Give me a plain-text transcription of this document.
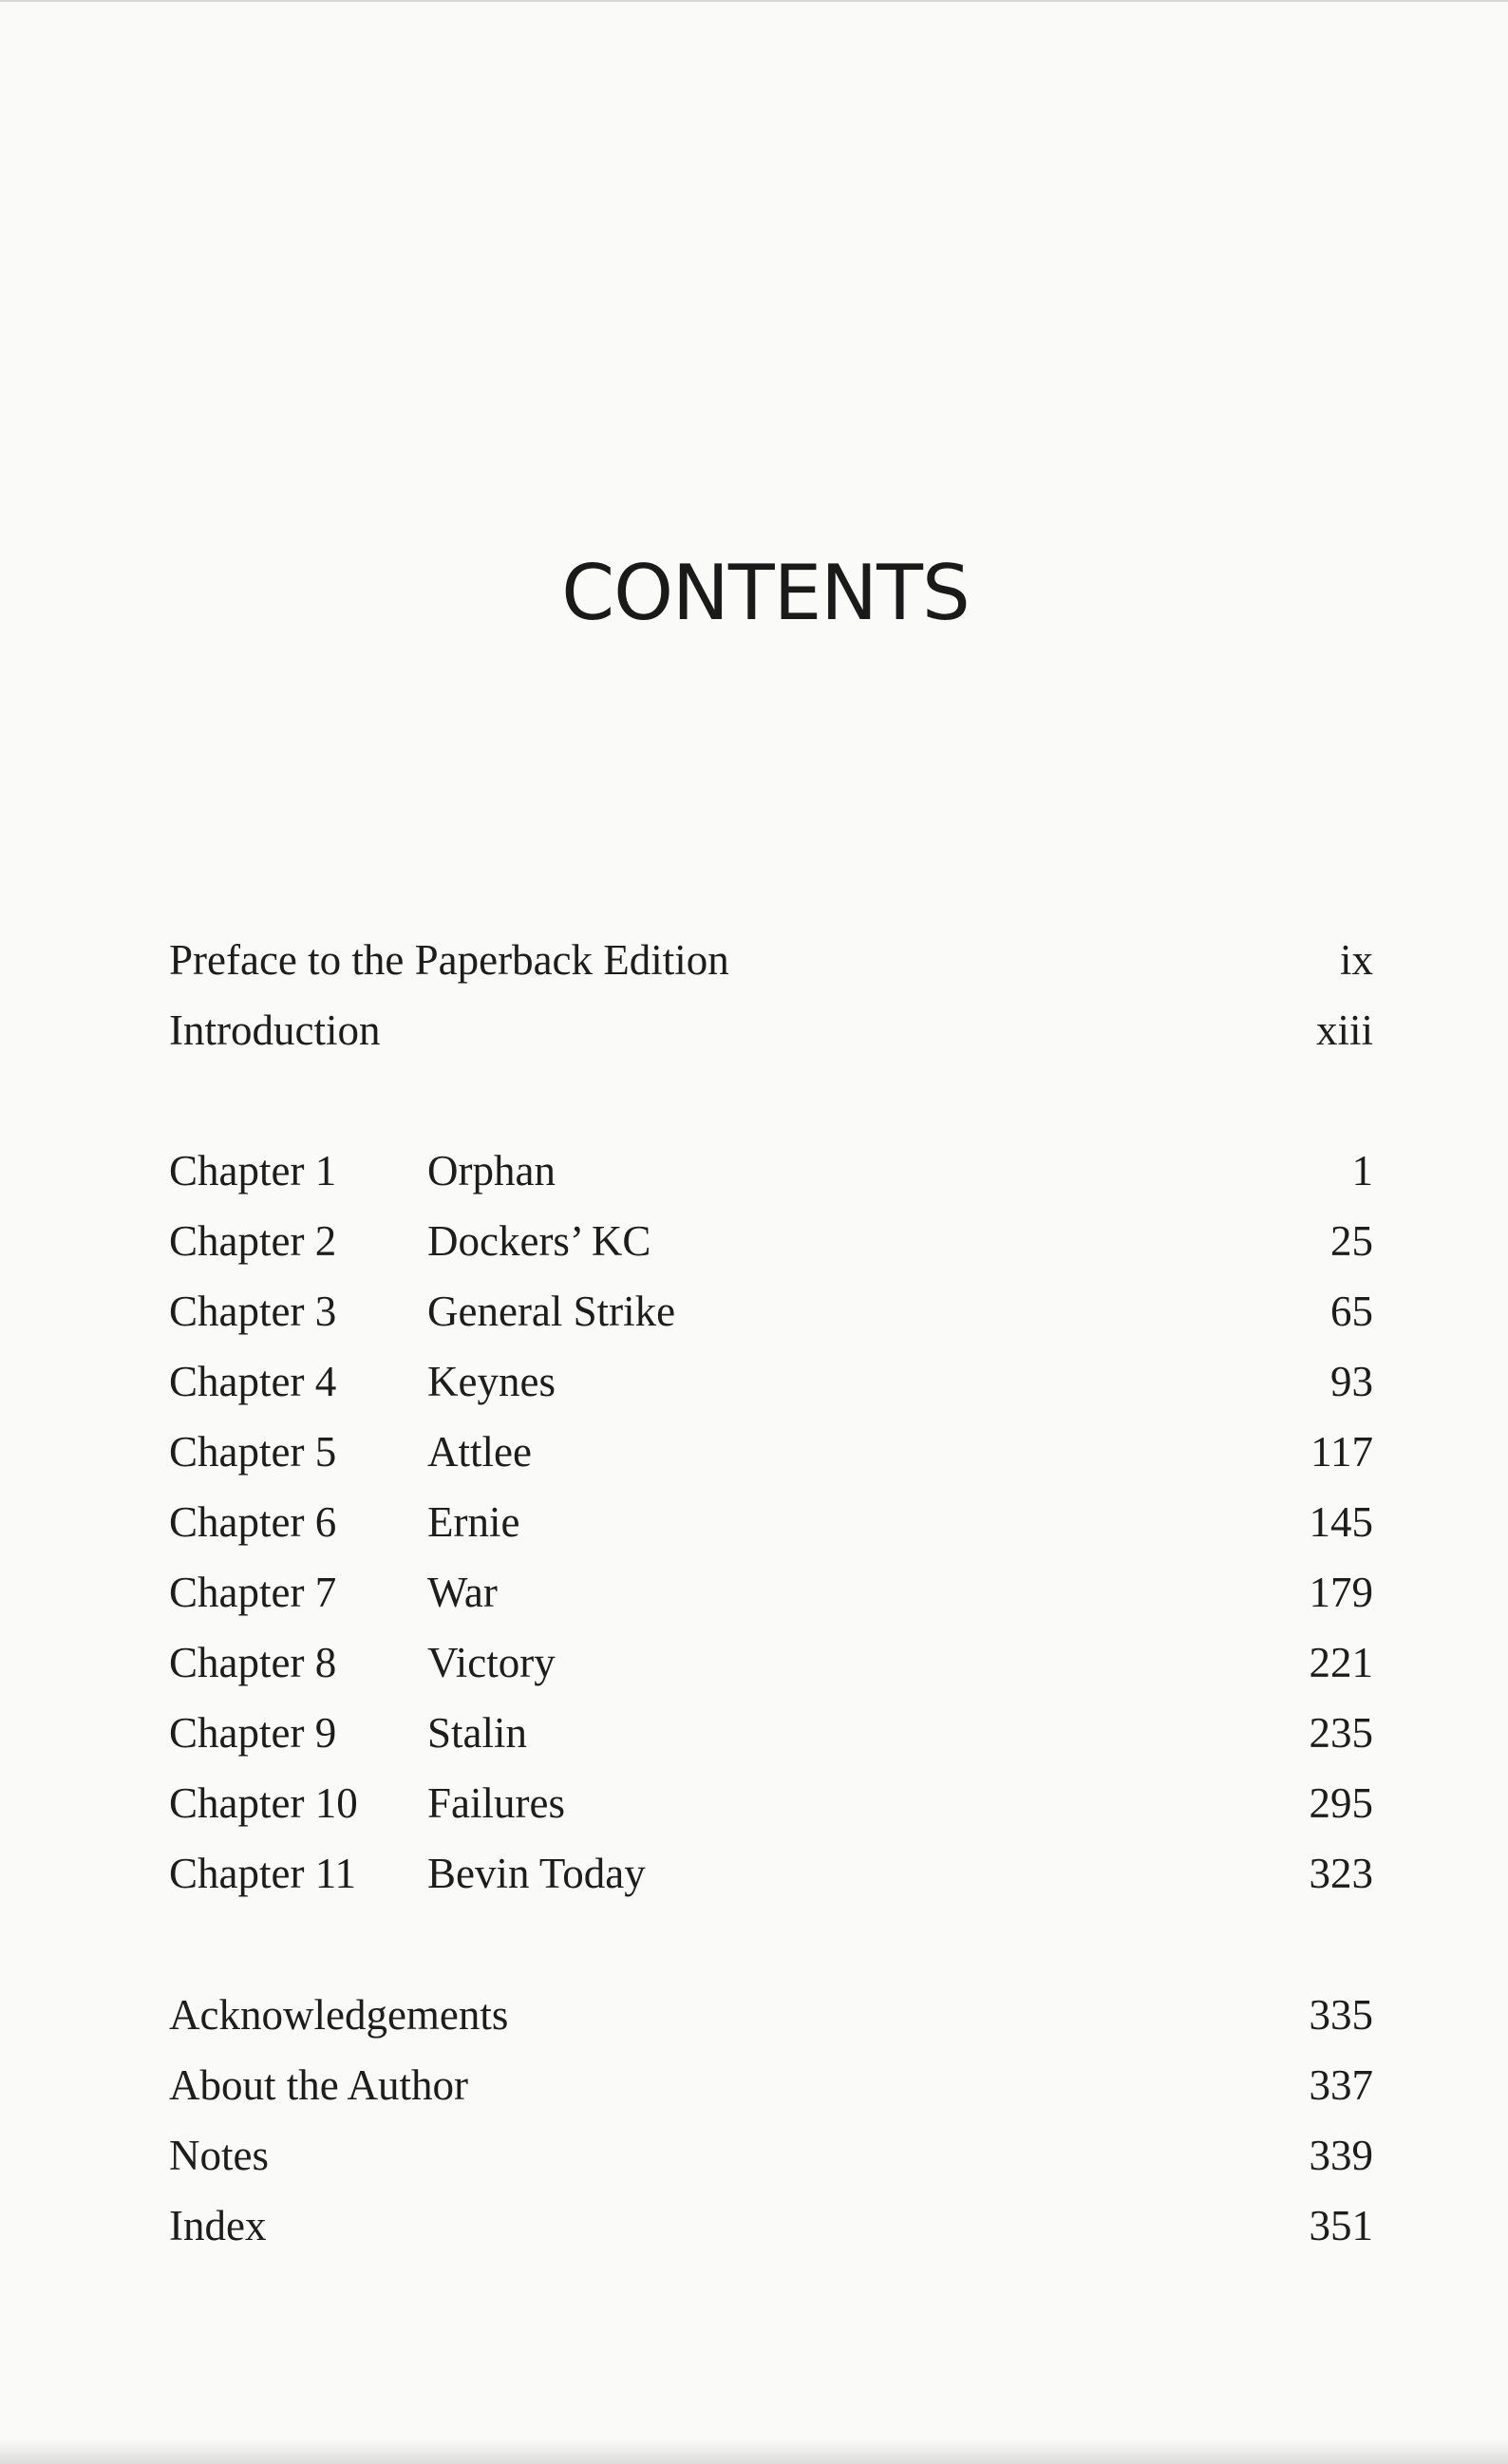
CONTENTS
Preface to the Paperback Edition	ix
Introduction	xiii
Chapter 1 Orphan	1
Chapter 2 Dockers’ KC	25
Chapter 3 General Strike	65
Chapter 4 Keynes	93
Chapter 5 Attlee	117
Chapter 6 Ernie	145
Chapter 7 War	179
Chapter 8 Victory	221
Chapter 9 Stalin	235
Chapter 10 Failures	295
Chapter 11 Bevin Today	323
Acknowledgements	335
About the Author	337
Notes	339
Index	351
